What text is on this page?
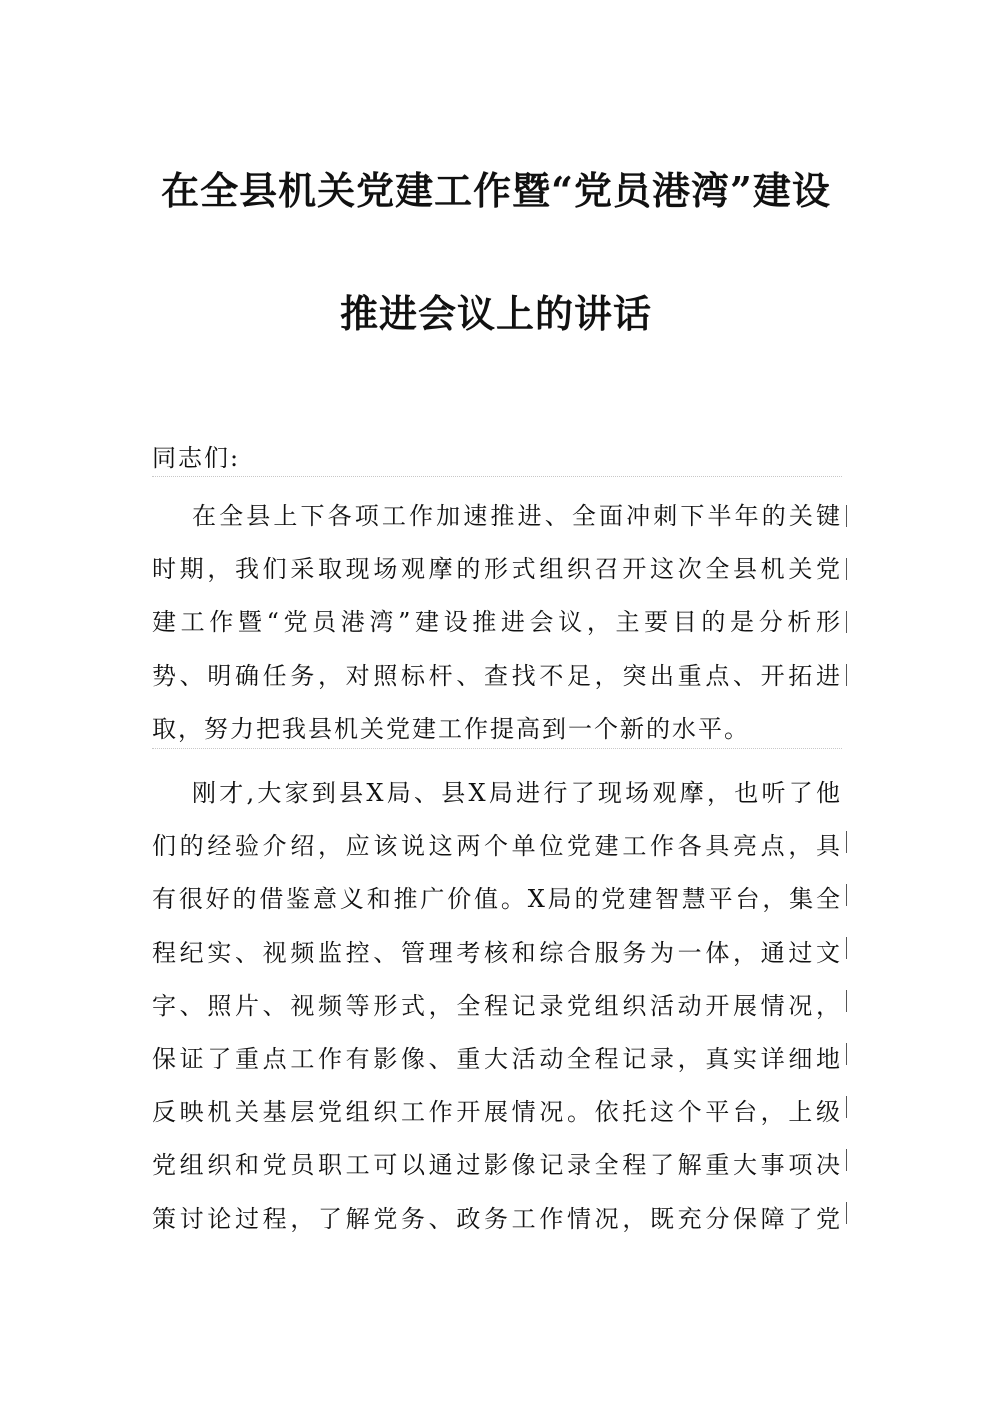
在全县机关党建工作暨“党员港湾”建设
推进会议上的讲话
同志们:
在全县上下各项工作加速推进、全面冲刺下半年的关键
时期，我们采取现场观摩的形式组织召开这次全县机关党
建工作暨“党员港湾”建设推进会议，主要目的是分析形
势、明确任务，对照标杆、查找不足，突出重点、开拓进
取，努力把我县机关党建工作提高到一个新的水平。
刚才,大家到县X局、县X局进行了现场观摩，也听了他
们的经验介绍，应该说这两个单位党建工作各具亮点，具
有很好的借鉴意义和推广价值。X局的党建智慧平台，集全
程纪实、视频监控、管理考核和综合服务为一体，通过文
字、照片、视频等形式，全程记录党组织活动开展情况，
保证了重点工作有影像、重大活动全程记录，真实详细地
反映机关基层党组织工作开展情况。依托这个平台，上级
党组织和党员职工可以通过影像记录全程了解重大事项决
策讨论过程，了解党务、政务工作情况，既充分保障了党
